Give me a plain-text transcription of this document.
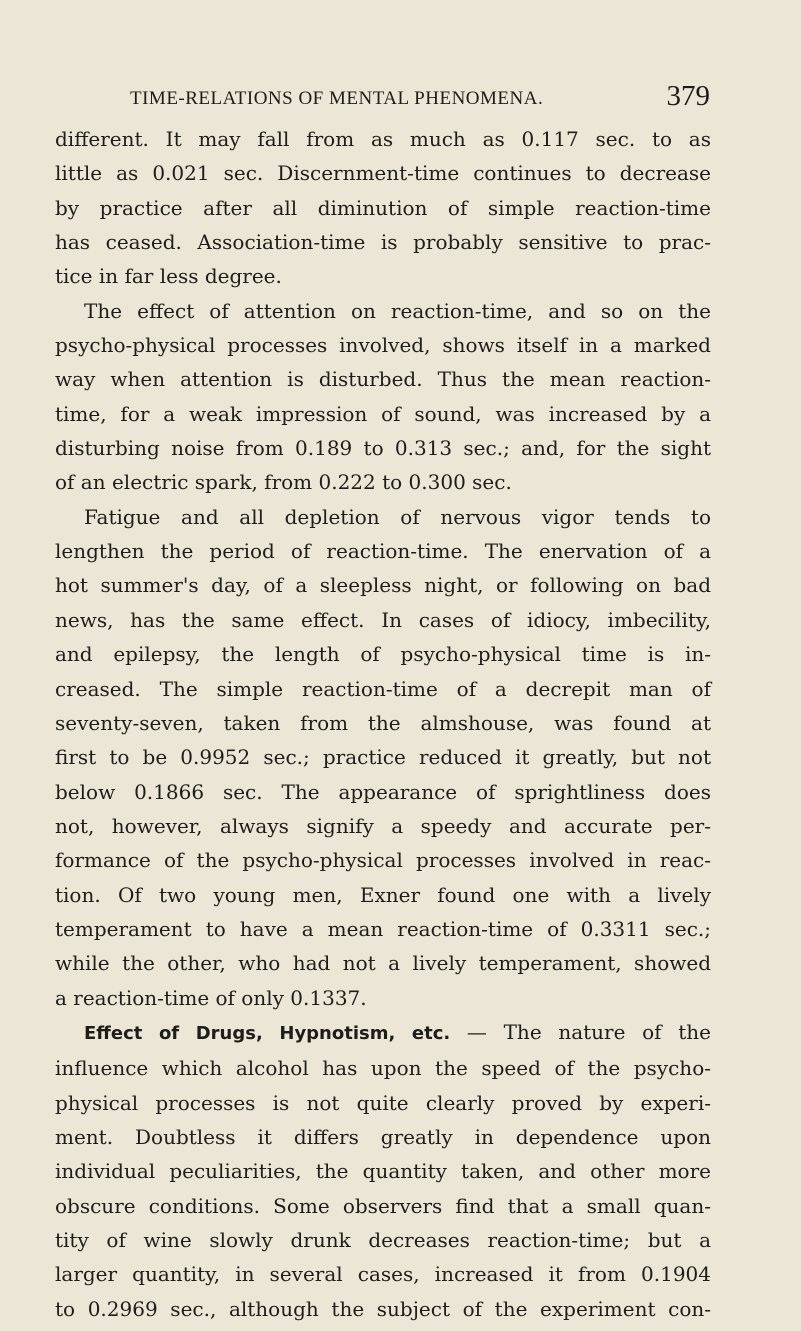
TIME-RELATIONS OF MENTAL PHENOMENA.	379

different. It may fall from as much as 0.117 sec. to as

little as 0.021 sec. Discernment-time continues to decrease

by practice after all diminution of simple reaction-time

has ceased. Association-time is probably sensitive to prac-

tice in far less degree.

The effect of attention on reaction-time, and so on the

psycho-physical processes involved, shows itself in a marked

way when attention is disturbed. Thus the mean reaction-

time, for a weak impression of sound, was increased by a

disturbing noise from 0.189 to 0.313 sec.; and, for the sight

of an electric spark, from 0.222 to 0.300 sec.

Fatigue and all depletion of nervous vigor tends to

lengthen the period of reaction-time. The enervation of a

hot summer's day, of a sleepless night, or following on bad

news, has the same effect. In cases of idiocy, imbecility,

and epilepsy, the length of psycho-physical time is in-

creased. The simple reaction-time of a decrepit man of

seventy-seven, taken from the almshouse, was found at

first to be 0.9952 sec.; practice reduced it greatly, but not

below 0.1866 sec. The appearance of sprightliness does

not, however, always signify a speedy and accurate per-

formance of the psycho-physical processes involved in reac-

tion. Of two young men, Exner found one with a lively

temperament to have a mean reaction-time of 0.3311 sec.;

while the other, who had not a lively temperament, showed

a reaction-time of only 0.1337.

Effect of Drugs, Hypnotism, etc. — The nature of the

influence which alcohol has upon the speed of the psycho-

physical processes is not quite clearly proved by experi-

ment. Doubtless it differs greatly in dependence upon

individual peculiarities, the quantity taken, and other more

obscure conditions. Some observers find that a small quan-

tity of wine slowly drunk decreases reaction-time; but a

larger quantity, in several cases, increased it from 0.1904

to 0.2969 sec., although the subject of the experiment con-
